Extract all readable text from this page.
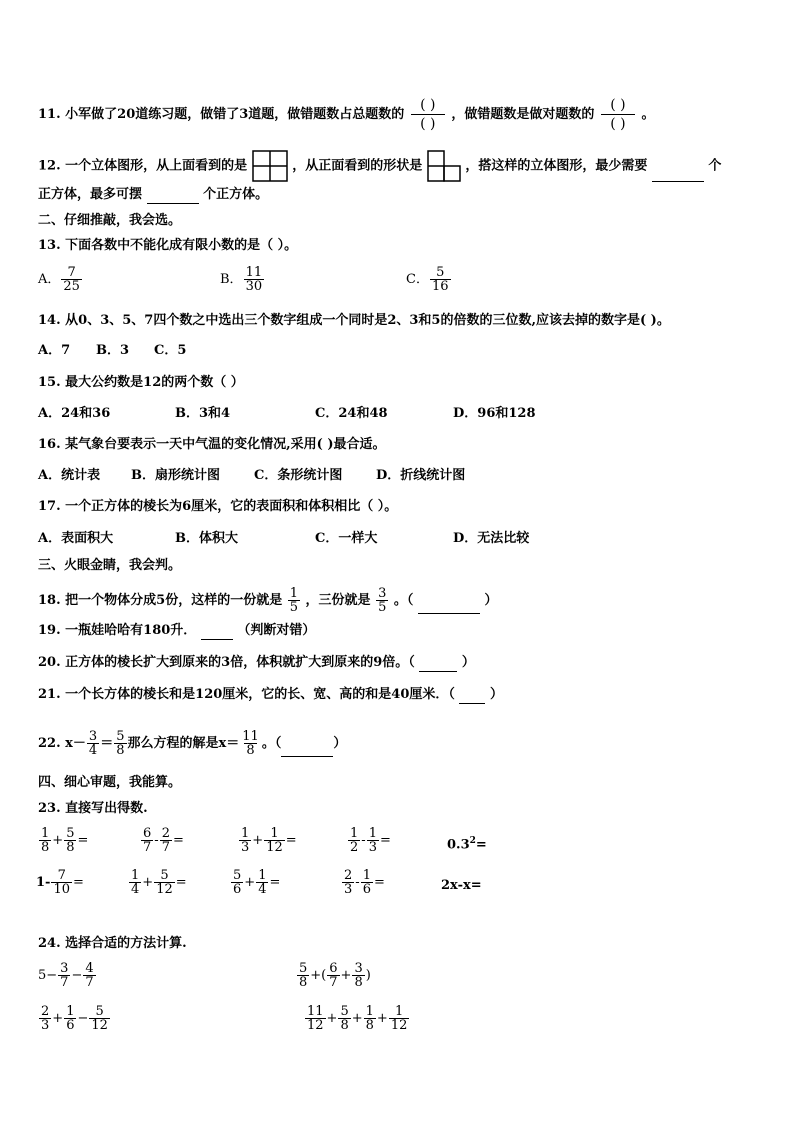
11. 小军做了20道练习题，做错了3道题，做错题数占总题数的
( )
( )
，做错题数是做对题数的
( )
( )
。
12. 一个立体图形，从上面看到的是	，从正面看到的形状是	，搭这样的立体图形，最少需要	个
正方体，最多可摆	个正方体。
二、仔细推敲，我会选。
13. 下面各数中不能化成有限小数的是（ ）。
A． $\frac{7}{25}$	B． $\frac{11}{30}$	C． $\frac{5}{16}$
14. 从0、3、5、7四个数之中选出三个数字组成一个同时是2、3和5的倍数的三位数,应该去掉的数字是( )。
A．7 B．3 C．5
15. 最大公约数是12的两个数（ ）
A．24和36	B．3和4	C．24和48	D．96和128
16. 某气象台要表示一天中气温的变化情况,采用( )最合适。
A．统计表 B．扇形统计图	C．条形统计图	D．折线统计图
17. 一个正方体的棱长为6厘米，它的表面积和体积相比（ ）。
A．表面积大	B．体积大	C．一样大	D．无法比较
三、火眼金睛，我会判。
18. 把一个物体分成5份，这样的一份就是 $\frac{1}{5}$ ，三份就是 $\frac{3}{5}$ 。（	）
19. 一瓶娃哈哈有180升．	（判断对错）
20. 正方体的棱长扩大到原来的3倍，体积就扩大到原来的9倍。（	）
21. 一个长方体的棱长和是120厘米，它的长、宽、高的和是40厘米．（	）
22. $x- \frac{3}{4} = \frac{5}{8}$ 那么方程的解是$x= \frac{11}{8}$ 。（	）
四、细心审题，我能算。
23. 直接写出得数.
$\frac{1}{8} + \frac{5}{8}$ =	$\frac{6}{7} - \frac{2}{7}$ =	$\frac{1}{3} + \frac{1}{12}$ =	$\frac{1}{2} - \frac{1}{3}$ =	$0.3^2=$
$1- \frac{7}{10}$ =	$\frac{1}{4} + \frac{5}{12}$ =	$\frac{5}{6} + \frac{1}{4}$ =	$\frac{2}{3} - \frac{1}{6}$ =	2x-x=
24. 选择合适的方法计算.
$5- \frac{3}{7} - \frac{4}{7}$	$\frac{5}{8}$ +( $\frac{6}{7} + \frac{3}{8}$ )
$\frac{2}{3} + \frac{1}{6} - \frac{5}{12}$	$\frac{11}{12} + \frac{5}{8} + \frac{1}{8} + \frac{1}{12}$
